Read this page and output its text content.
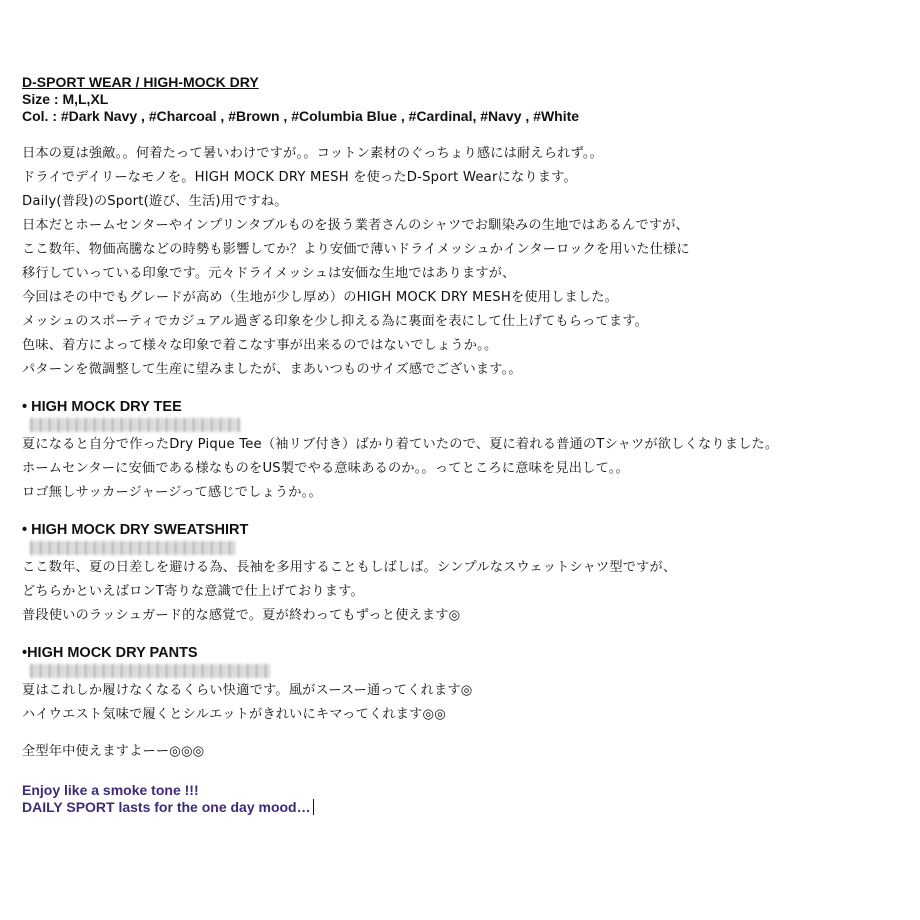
D-SPORT WEAR / HIGH-MOCK DRY
Size : M,L,XL
Col. : #Dark Navy , #Charcoal , #Brown , #Columbia Blue , #Cardinal, #Navy , #White
日本の夏は強敵。。何着たって暑いわけですが。。コットン素材のぐっちょり感には耐えられず。。
ドライでデイリーなモノを。HIGH MOCK DRY MESH を使ったD-Sport Wearになります。
Daily(普段)のSport(遊び、生活)用ですね。
日本だとホームセンターやインプリンタブルものを扱う業者さんのシャツでお馴染みの生地ではあるんですが、
ここ数年、物価高騰などの時勢も影響してか？より安価で薄いドライメッシュかインターロックを用いた仕様に
移行していっている印象です。元々ドライメッシュは安価な生地ではありますが、
今回はその中でもグレードが高め（生地が少し厚め）のHIGH MOCK DRY MESHを使用しました。
メッシュのスポーティでカジュアル過ぎる印象を少し抑える為に裏面を表にして仕上げてもらってます。
色味、着方によって様々な印象で着こなす事が出来るのではないでしょうか。。
パターンを微調整して生産に望みましたが、まあいつものサイズ感でございます。。
• HIGH MOCK DRY TEE
夏になると自分で作ったDry Pique Tee（袖リブ付き）ばかり着ていたので、夏に着れる普通のTシャツが欲しくなりました。
ホームセンターに安価である様なものをUS製でやる意味あるのか。。ってところに意味を見出して。。
ロゴ無しサッカージャージって感じでしょうか。。
• HIGH MOCK DRY SWEATSHIRT
ここ数年、夏の日差しを避ける為、長袖を多用することもしばしば。シンプルなスウェットシャツ型ですが、
どちらかといえばロンT寄りな意識で仕上げております。
普段使いのラッシュガード的な感覚で。夏が終わってもずっと使えます◎
•HIGH MOCK DRY PANTS
夏はこれしか履けなくなるくらい快適です。風がスースー通ってくれます◎
ハイウエスト気味で履くとシルエットがきれいにキマってくれます◎◎
全型年中使えますよーー◎◎◎
Enjoy like a smoke tone !!!
DAILY SPORT lasts for the one day mood…
